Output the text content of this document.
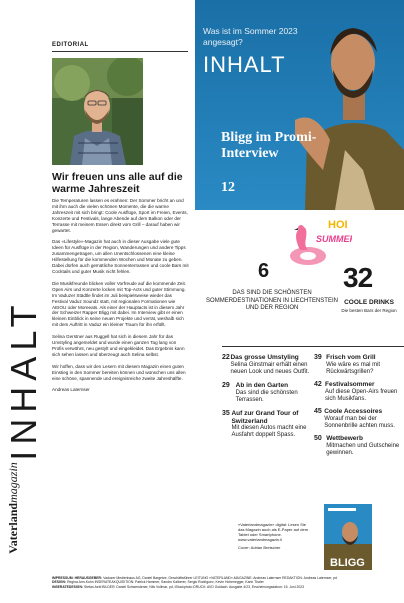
INHALT
Vaterlandmagazin
EDITORIAL
Wir freuen uns alle auf die warme Jahreszeit

Die Temperaturen lassen es erahnen: Der Sommer bricht an und mit ihm auch die vielen schönen Momente, die die warme Jahreszeit mit sich bringt: Coole Ausflüge, Sport im Freien, Events, Konzerte und Festivals, lange Abende auf dem Balkon oder der Terrasse mit meinem Essen direkt vom Grill – darauf haben wir gewartet.

Das «Lifestyle»-Magazin hat auch in dieser Ausgabe viele gute Ideen für Ausflüge in der Region, Wanderungen und andere Tipps zusammengetragen, um allen Unentschlossenen eine kleine Hilfestellung für die kommenden Wochen und Monate zu geben. Dabei dürfen auch gemütliche Sonnenterrassen und coole Bars mit Cocktails und guter Musik nicht fehlen.

Die Musikfreunde blicken voller Vorfreude auf die kommende Zeit. Open Airs und Konzerte locken mit Top-Acts und guter Stimmung. Im Vaduzer Städtle findet im Juli beispielsweise wieder das Festival Vaduz Soundz statt, mit regionalen Formationen wie AEIOU oder Moreeats. Als einer der Hauptacts ist in diesem Jahr der Schweizer Rapper Bligg mit dabei. Im Interview gibt er einen kleinen Einblick in seine neuen Projekte und verrät, weshalb sich mit dem Auftritt in Vaduz ein kleiner Traum für ihn erfüllt.

Selina Gerstner aus Ruggell hat sich in diesem Jahr für das Umstyling angemeldet und wurde einen ganzen Tag lang von Profis verwöhnt, neu gestylt und eingekleidet. Das Ergebnis kann sich sehen lassen und überzeugt auch Selina selbst.

Wir hoffen, dass wir den Lesern mit diesem Magazin einen guten Einstieg in den Sommer bereiten können und wünschen uns allen eine schöne, spannende und ereignisreiche zweite Jahreshälfte.

Andreas Laternser

Was ist im Sommer 2023 angesagt?
INHALT
Bligg im Promi-Interview
12
HOI
SUMMER
6
DAS SIND DIE SCHÖNSTEN SOMMERDESTINATIONEN IN LIECHTENSTEIN UND DER REGION
32
COOLE DRINKS
Die besten Bars der Region
22 Das grosse Umstyling
Selina Ginstmair erhält einen neuen Look und neues Outfit.
29 Ab in den Garten
Das sind die schönsten Terrassen.
35 Auf zur Grand Tour of Switzerland
Mit diesen Autos macht eine Ausfahrt doppelt Spass.
39 Frisch vom Grill
Wie wäre es mal mit Rückwärtsgrillen?
42 Festivalsommer
Auf diese Open-Airs freuen sich Musikfans.
45 Coole Accessoires
Worauf man bei der Sonnenbrille achten muss.
50 Wettbewerb
Mitmachen und Gutscheine gewinnen.
«Vaterlandmagazin» digital: Lesen Sie das Magazin auch als E-Paper auf dem Tablet oder Smartphone. www.vaterlandmagazin.li
Cover: Adrian Bretscher
BLIGG
IMPRESSUM: HERAUSGEBER: Vaduzer Medienhaus AG, Daniel Bargetze, Geschäftsführer LEITUNG «VATERLAND»-MAGAZINE: Andreas Laternser REDAKTION: Andreas Laternser, pd
DESIGN: Regina Ann-Kuhn INSERATEAKQUISITION: Patrick Hammer, Sandro Kalberer, Sergio Rodriguez, Kevin Hohenegger, Karin Thaler
INSERATEDESIGN: Stefan Aebi BILDER: Daniel Schwendener, Nils Vollmar, pd, iStockphoto DRUCK: AVD Goldach. Ausgabe 4/23, Erscheinungsdatum: 15. Juni 2023
